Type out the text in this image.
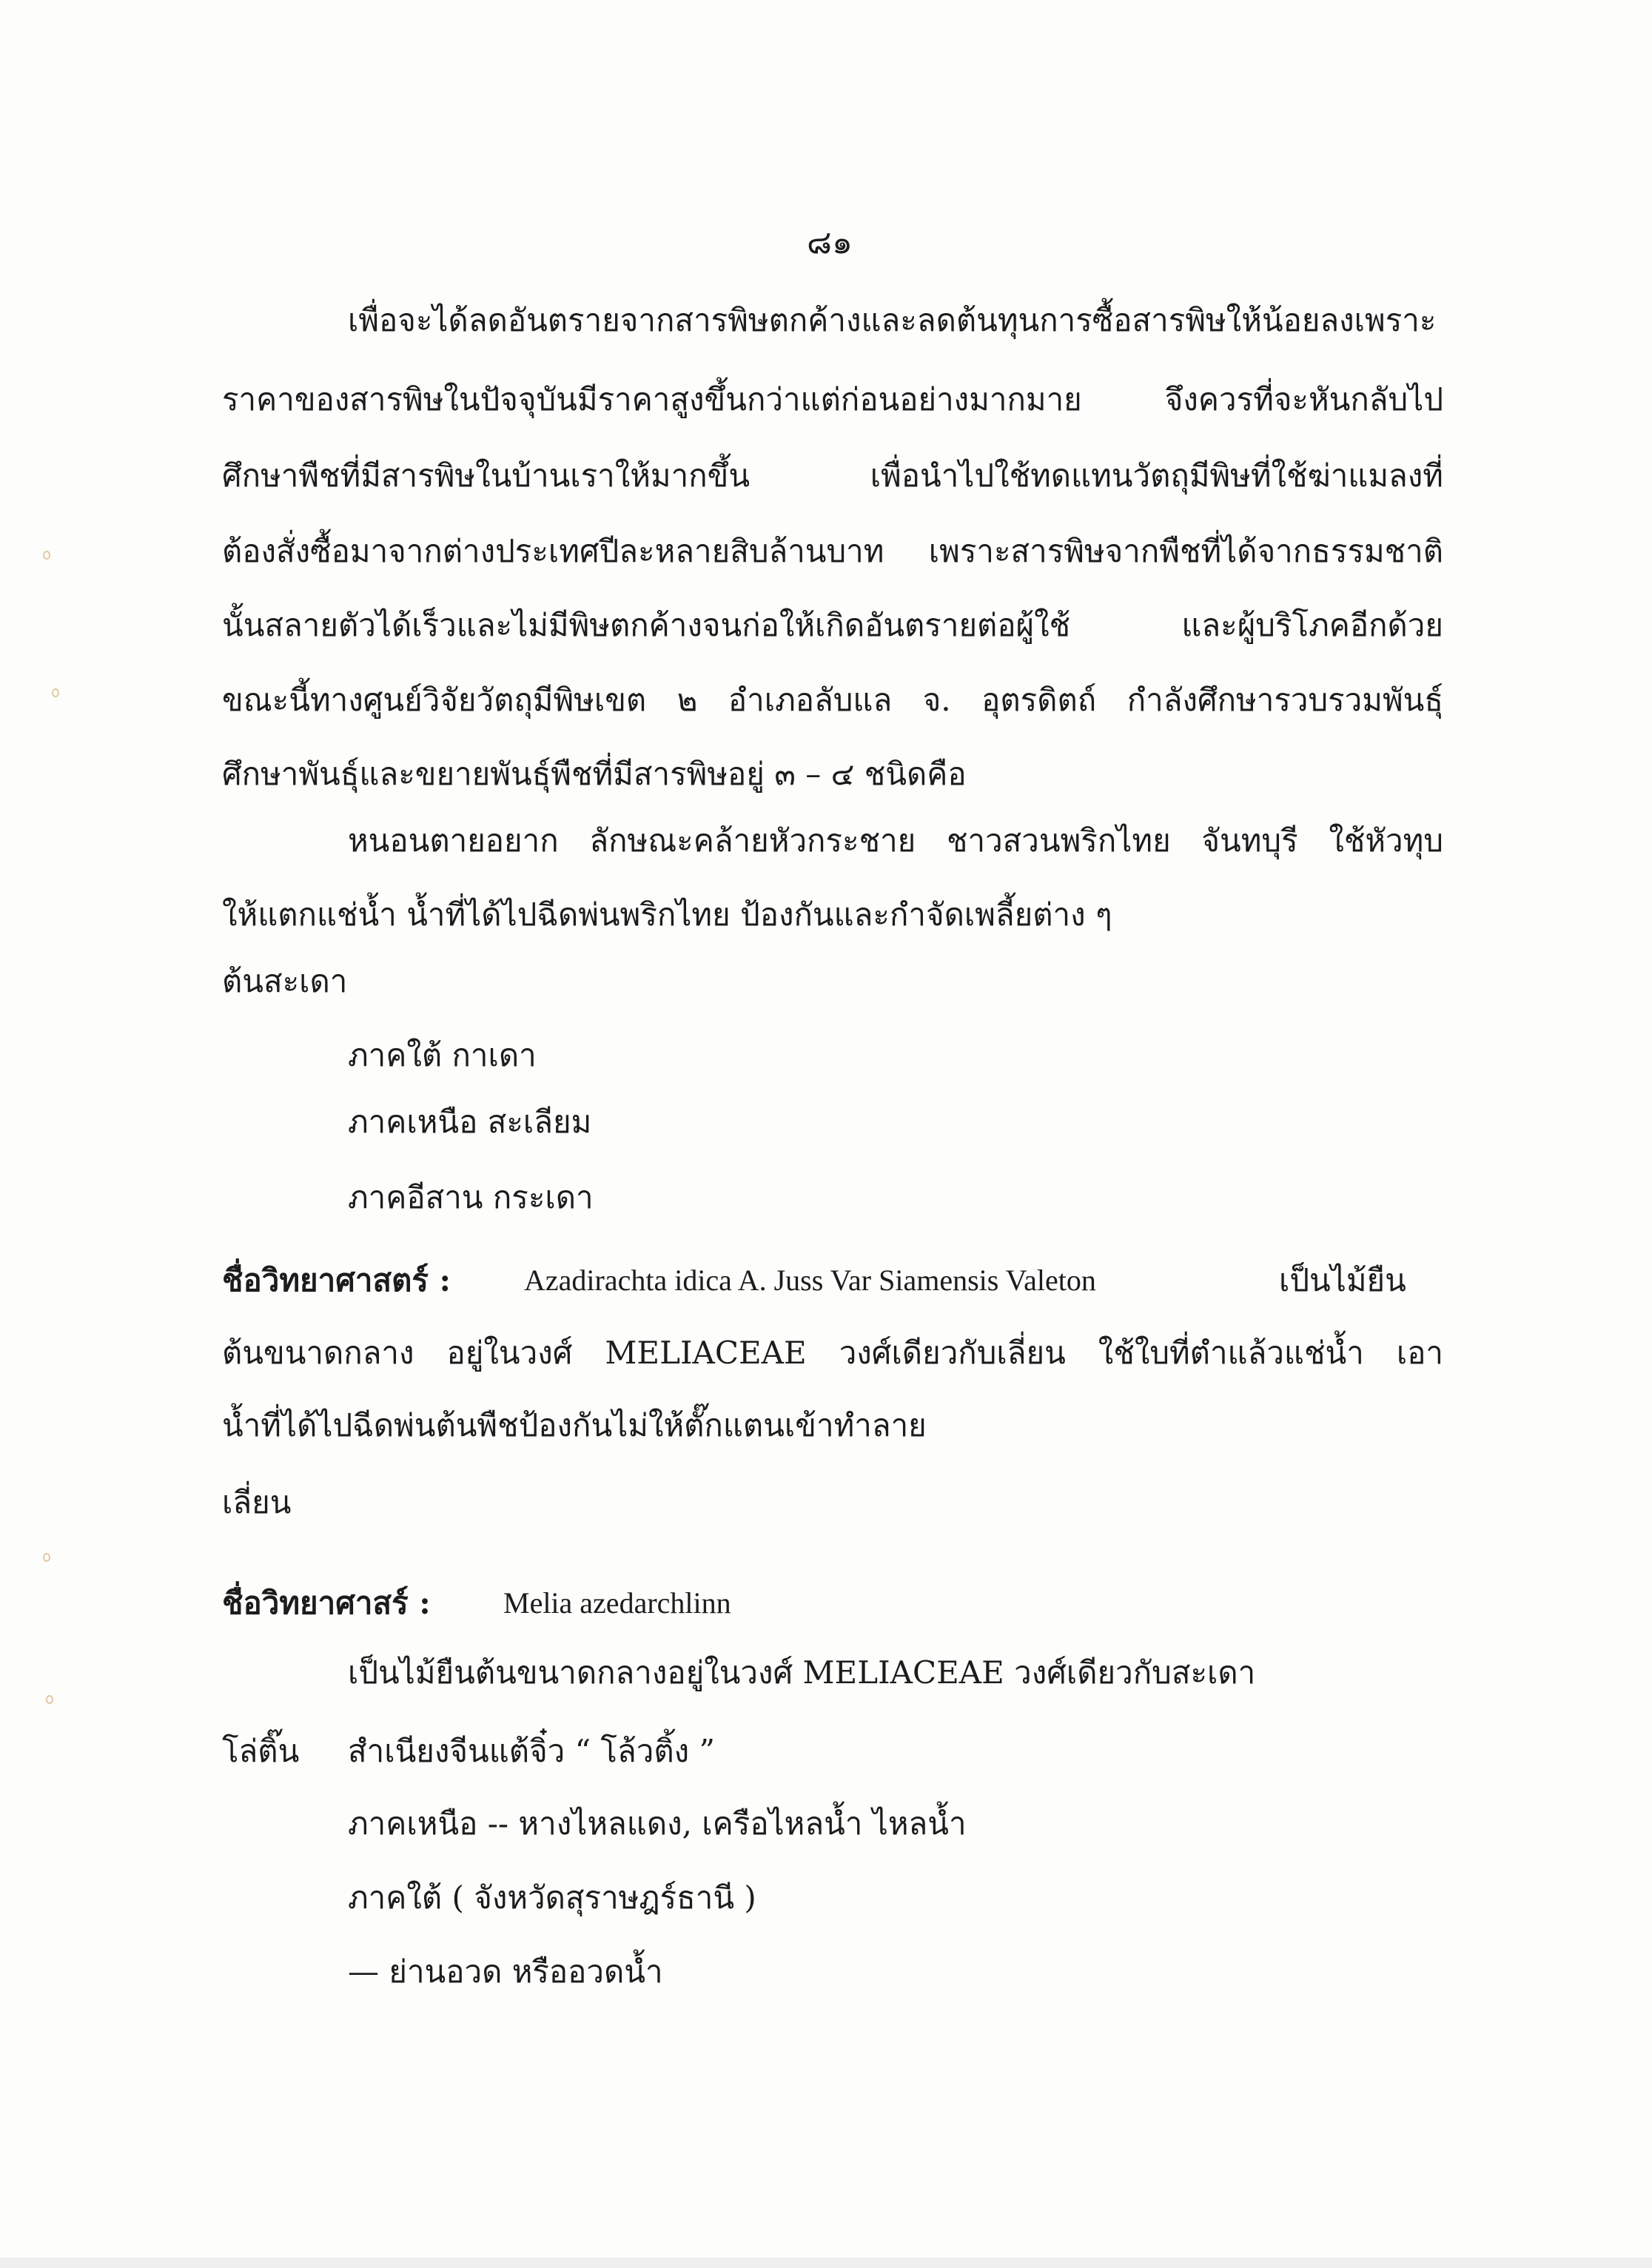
๘๑
เพื่อจะได้ลดอันตรายจากสารพิษตกค้างและลดต้นทุนการซื้อสารพิษให้น้อยลงเพราะ
ราคาของสารพิษในปัจจุบันมีราคาสูงขึ้นกว่าแต่ก่อนอย่างมากมาย จึงควรที่จะหันกลับไป
ศึกษาพืชที่มีสารพิษในบ้านเราให้มากขึ้น เพื่อนำไปใช้ทดแทนวัตถุมีพิษที่ใช้ฆ่าแมลงที่
ต้องสั่งซื้อมาจากต่างประเทศปีละหลายสิบล้านบาท เพราะสารพิษจากพืชที่ได้จากธรรมชาติ
นั้นสลายตัวได้เร็วและไม่มีพิษตกค้างจนก่อให้เกิดอันตรายต่อผู้ใช้ และผู้บริโภคอีกด้วย
ขณะนี้ทางศูนย์วิจัยวัตถุมีพิษเขต ๒ อำเภอลับแล จ. อุตรดิตถ์ กำลังศึกษารวบรวมพันธุ์
ศึกษาพันธุ์และขยายพันธุ์พืชที่มีสารพิษอยู่ ๓ – ๔ ชนิดคือ
หนอนตายอยาก ลักษณะคล้ายหัวกระชาย ชาวสวนพริกไทย จันทบุรี ใช้หัวทุบ
ให้แตกแช่น้ำ น้ำที่ได้ไปฉีดพ่นพริกไทย ป้องกันและกำจัดเพลี้ยต่าง ๆ
ต้นสะเดา
ภาคใต้ กาเดา
ภาคเหนือ สะเลียม
ภาคอีสาน กระเดา
ชื่อวิทยาศาสตร์ : Azadirachta idica A. Juss Var Siamensis Valeton	เป็นไม้ยืน
ต้นขนาดกลาง อยู่ในวงศ์ MELIACEAE วงศ์เดียวกับเลี่ยน ใช้ใบที่ตำแล้วแช่น้ำ เอา
น้ำที่ได้ไปฉีดพ่นต้นพืชป้องกันไม่ให้ตั๊กแตนเข้าทำลาย
เลี่ยน
ชื่อวิทยาศาสร์ : Melia azedarchlinn
เป็นไม้ยืนต้นขนาดกลางอยู่ในวงศ์ MELIACEAE วงศ์เดียวกับสะเดา
โล่ติ๊น สำเนียงจีนแต้จิ๋ว “ โล้วติ้ง ”
ภาคเหนือ -- หางไหลแดง, เครือไหลน้ำ ไหลน้ำ
ภาคใต้ ( จังหวัดสุราษฎร์ธานี )
— ย่านอวด หรืออวดน้ำ
